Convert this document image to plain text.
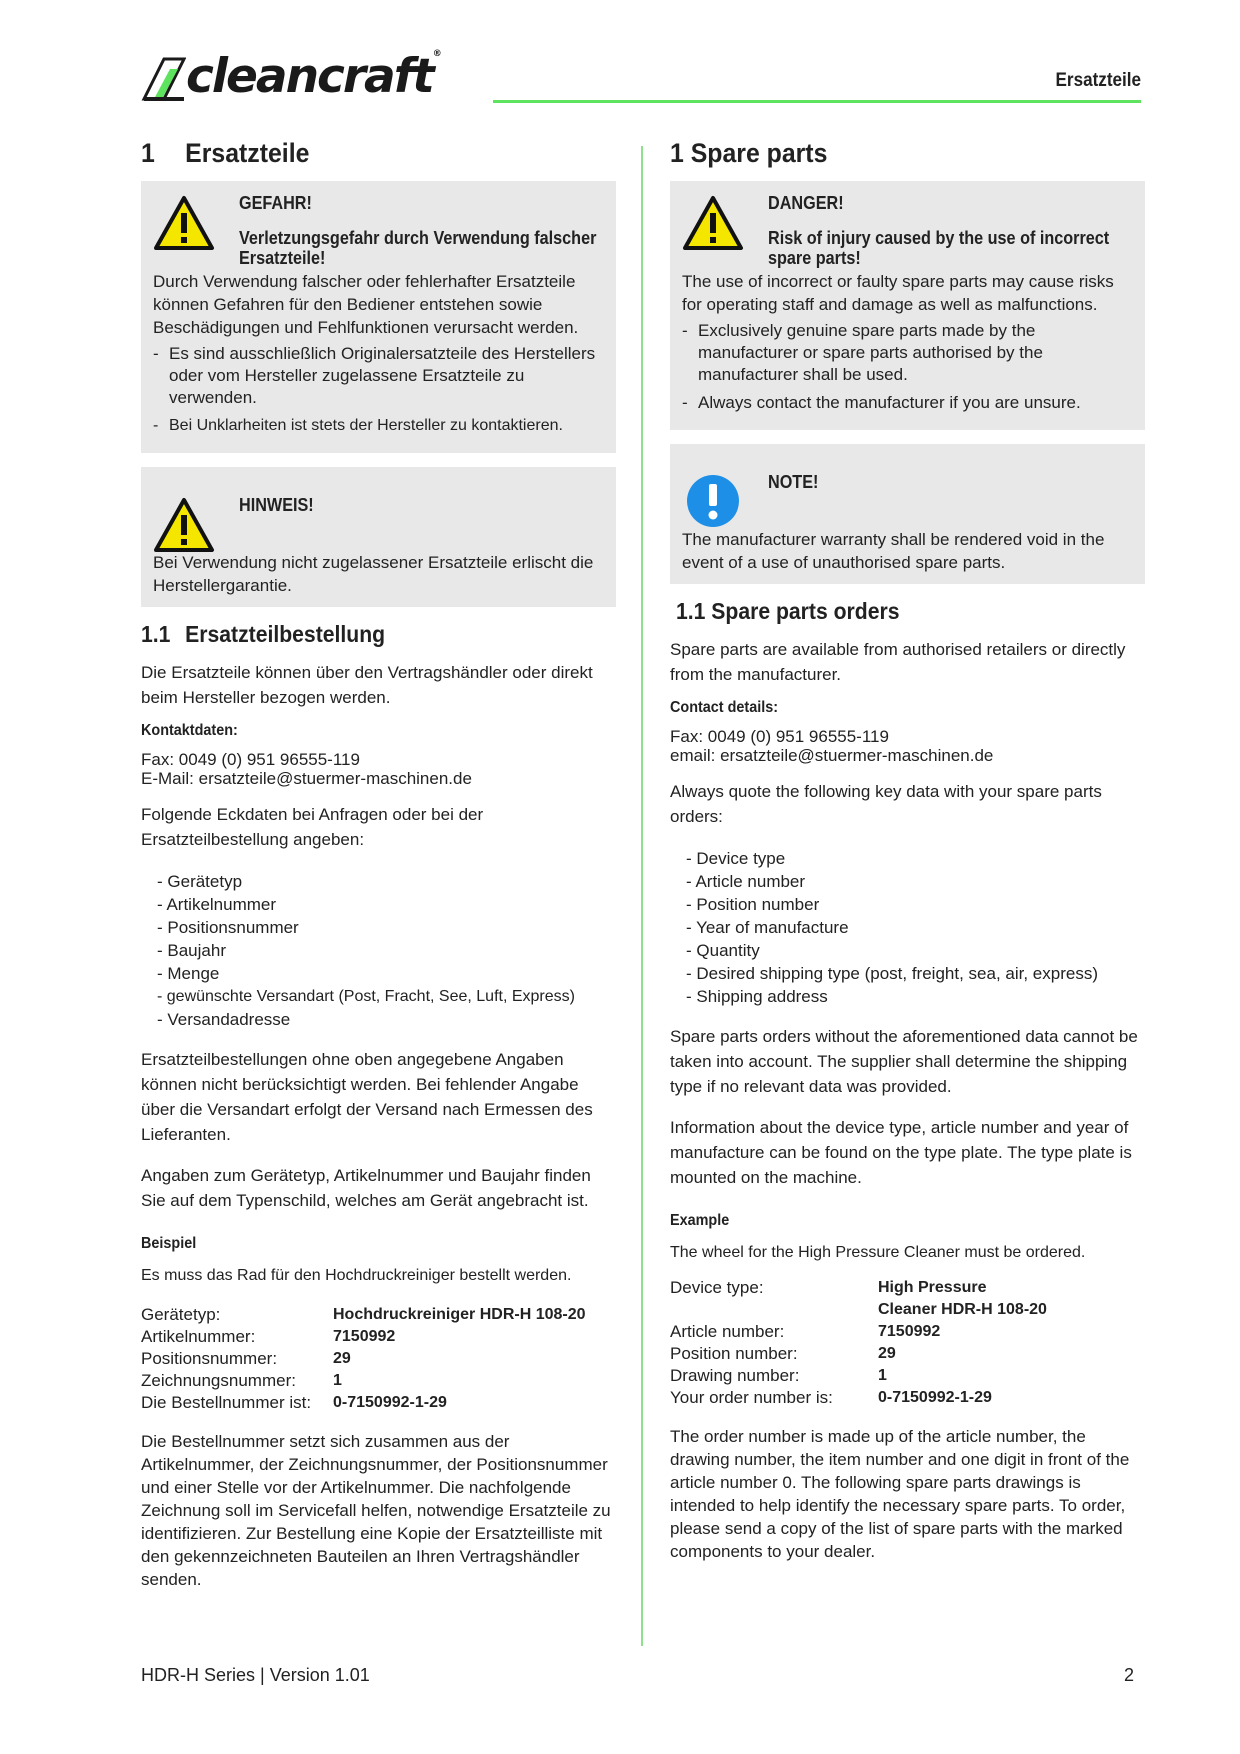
cleancraft®
Ersatzteile
1 Ersatzteile
GEFAHR!
Verletzungsgefahr durch Verwendung falscher Ersatzteile!
Durch Verwendung falscher oder fehlerhafter Ersatzteile können Gefahren für den Bediener entstehen sowie Beschädigungen und Fehlfunktionen verursacht werden.
- Es sind ausschließlich Originalersatzteile des Herstellers oder vom Hersteller zugelassene Ersatzteile zu verwenden.
- Bei Unklarheiten ist stets der Hersteller zu kontaktieren.
HINWEIS!
Bei Verwendung nicht zugelassener Ersatzteile erlischt die Herstellergarantie.
1.1 Ersatzteilbestellung

Die Ersatzteile können über den Vertragshändler oder direkt beim Hersteller bezogen werden.

Kontaktdaten:
Fax: 0049 (0) 951 96555-119
E-Mail: ersatzteile@stuermer-maschinen.de

Folgende Eckdaten bei Anfragen oder bei der Ersatzteilbestellung angeben:

- Gerätetyp
- Artikelnummer
- Positionsnummer
- Baujahr
- Menge
- gewünschte Versandart (Post, Fracht, See, Luft, Express)
- Versandadresse

Ersatzteilbestellungen ohne oben angegebene Angaben können nicht berücksichtigt werden. Bei fehlender Angabe über die Versandart erfolgt der Versand nach Ermessen des Lieferanten.

Angaben zum Gerätetyp, Artikelnummer und Baujahr finden Sie auf dem Typenschild, welches am Gerät angebracht ist.

Beispiel

Es muss das Rad für den Hochdruckreiniger bestellt werden.

Gerätetyp:	Hochdruckreiniger HDR-H 108-20
Artikelnummer:	7150992
Positionsnummer:	29
Zeichnungsnummer:	1
Die Bestellnummer ist:	0-7150992-1-29

Die Bestellnummer setzt sich zusammen aus der Artikelnummer, der Zeichnungsnummer, der Positionsnummer und einer Stelle vor der Artikelnummer. Die nachfolgende Zeichnung soll im Servicefall helfen, notwendige Ersatzteile zu identifizieren. Zur Bestellung eine Kopie der Ersatzteilliste mit den gekennzeichneten Bauteilen an Ihren Vertragshändler senden.

1 Spare parts
DANGER!
Risk of injury caused by the use of incorrect spare parts!
The use of incorrect or faulty spare parts may cause risks for operating staff and damage as well as malfunctions.
- Exclusively genuine spare parts made by the manufacturer or spare parts authorised by the manufacturer shall be used.
- Always contact the manufacturer if you are unsure.
NOTE!
The manufacturer warranty shall be rendered void in the event of a use of unauthorised spare parts.
1.1 Spare parts orders

Spare parts are available from authorised retailers or directly from the manufacturer.

Contact details:
Fax: 0049 (0) 951 96555-119
email: ersatzteile@stuermer-maschinen.de

Always quote the following key data with your spare parts orders:

- Device type
- Article number
- Position number
- Year of manufacture
- Quantity
- Desired shipping type (post, freight, sea, air, express)
- Shipping address

Spare parts orders without the aforementioned data cannot be taken into account. The supplier shall determine the shipping type if no relevant data was provided.

Information about the device type, article number and year of manufacture can be found on the type plate. The type plate is mounted on the machine.

Example

The wheel for the High Pressure Cleaner must be ordered.

Device type:	High Pressure Cleaner HDR-H 108-20
Article number:	7150992
Position number:	29
Drawing number:	1
Your order number is:	0-7150992-1-29

The order number is made up of the article number, the drawing number, the item number and one digit in front of the article number 0. The following spare parts drawings is intended to help identify the necessary spare parts. To order, please send a copy of the list of spare parts with the marked components to your dealer.

HDR-H Series | Version 1.01	2
